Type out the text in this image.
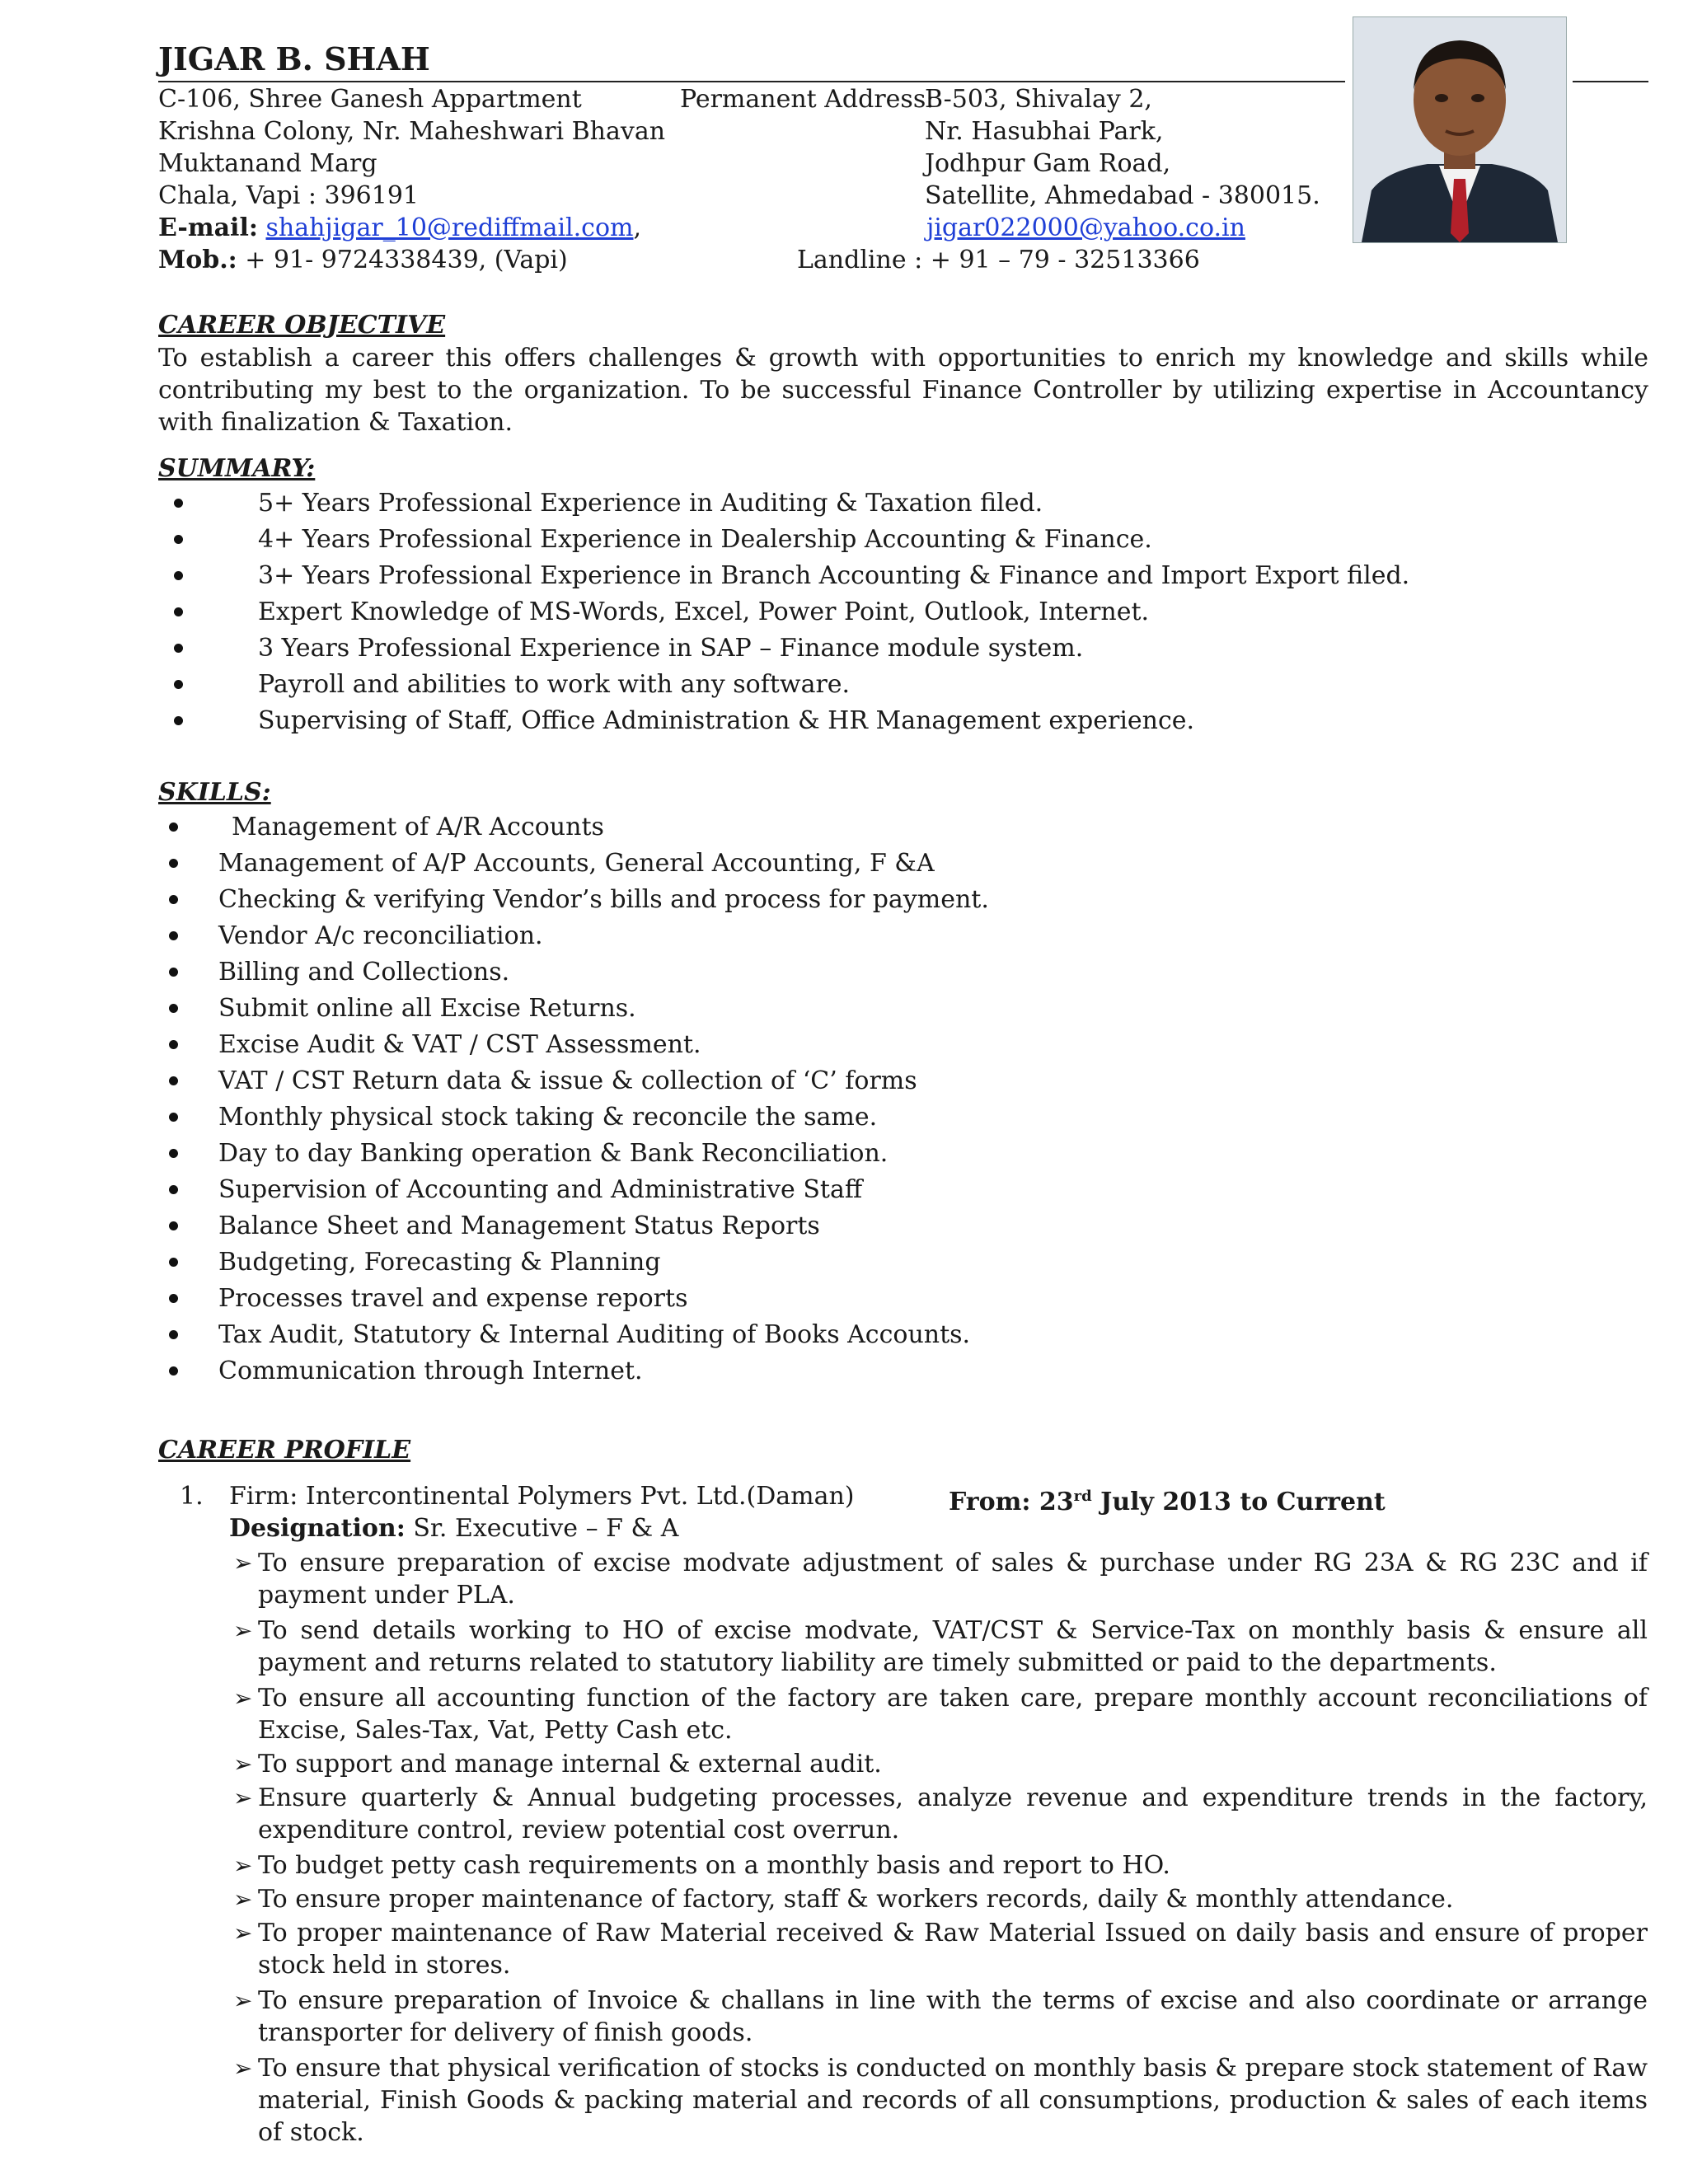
JIGAR B. SHAH
C-106, Shree Ganesh Appartment
Krishna Colony, Nr. Maheshwari Bhavan
Muktanand Marg
Chala, Vapi : 396191
Permanent Address:
B-503, Shivalay 2,
Nr. Hasubhai Park,
Jodhpur Gam Road,
Satellite, Ahmedabad - 380015.
E-mail: shahjigar_10@rediffmail.com,	jigar022000@yahoo.co.in
Mob.: + 91- 9724338439, (Vapi)	Landline : + 91 – 79 - 32513366
CAREER OBJECTIVE
To establish a career this offers challenges & growth with opportunities to enrich my knowledge and skills while contributing my best to the organization. To be successful Finance Controller by utilizing expertise in Accountancy with finalization & Taxation.
SUMMARY:
5+ Years Professional Experience in Auditing & Taxation filed.
4+ Years Professional Experience in Dealership Accounting & Finance.
3+ Years Professional Experience in Branch Accounting & Finance and Import Export filed.
Expert Knowledge of MS-Words, Excel, Power Point, Outlook, Internet.
3 Years Professional Experience in SAP – Finance module system.
Payroll and abilities to work with any software.
Supervising of Staff, Office Administration & HR Management experience.
SKILLS:
Management of A/R Accounts
Management of A/P Accounts, General Accounting, F &A
Checking & verifying Vendor’s bills and process for payment.
Vendor A/c reconciliation.
Billing and Collections.
Submit online all Excise Returns.
Excise Audit & VAT / CST Assessment.
VAT / CST Return data & issue & collection of ‘C’ forms
Monthly physical stock taking & reconcile the same.
Day to day Banking operation & Bank Reconciliation.
Supervision of Accounting and Administrative Staff
Balance Sheet and Management Status Reports
Budgeting, Forecasting & Planning
Processes travel and expense reports
Tax Audit, Statutory & Internal Auditing of Books Accounts.
Communication through Internet.
CAREER PROFILE
1. Firm: Intercontinental Polymers Pvt. Ltd.(Daman)	From: 23rd July 2013 to Current
Designation: Sr. Executive – F & A
➢ To ensure preparation of excise modvate adjustment of sales & purchase under RG 23A & RG 23C and if payment under PLA.
➢ To send details working to HO of excise modvate, VAT/CST & Service-Tax on monthly basis & ensure all payment and returns related to statutory liability are timely submitted or paid to the departments.
➢ To ensure all accounting function of the factory are taken care, prepare monthly account reconciliations of Excise, Sales-Tax, Vat, Petty Cash etc.
➢ To support and manage internal & external audit.
➢ Ensure quarterly & Annual budgeting processes, analyze revenue and expenditure trends in the factory, expenditure control, review potential cost overrun.
➢ To budget petty cash requirements on a monthly basis and report to HO.
➢ To ensure proper maintenance of factory, staff & workers records, daily & monthly attendance.
➢ To proper maintenance of Raw Material received & Raw Material Issued on daily basis and ensure of proper stock held in stores.
➢ To ensure preparation of Invoice & challans in line with the terms of excise and also coordinate or arrange transporter for delivery of finish goods.
➢ To ensure that physical verification of stocks is conducted on monthly basis & prepare stock statement of Raw material, Finish Goods & packing material and records of all consumptions, production & sales of each items of stock.
